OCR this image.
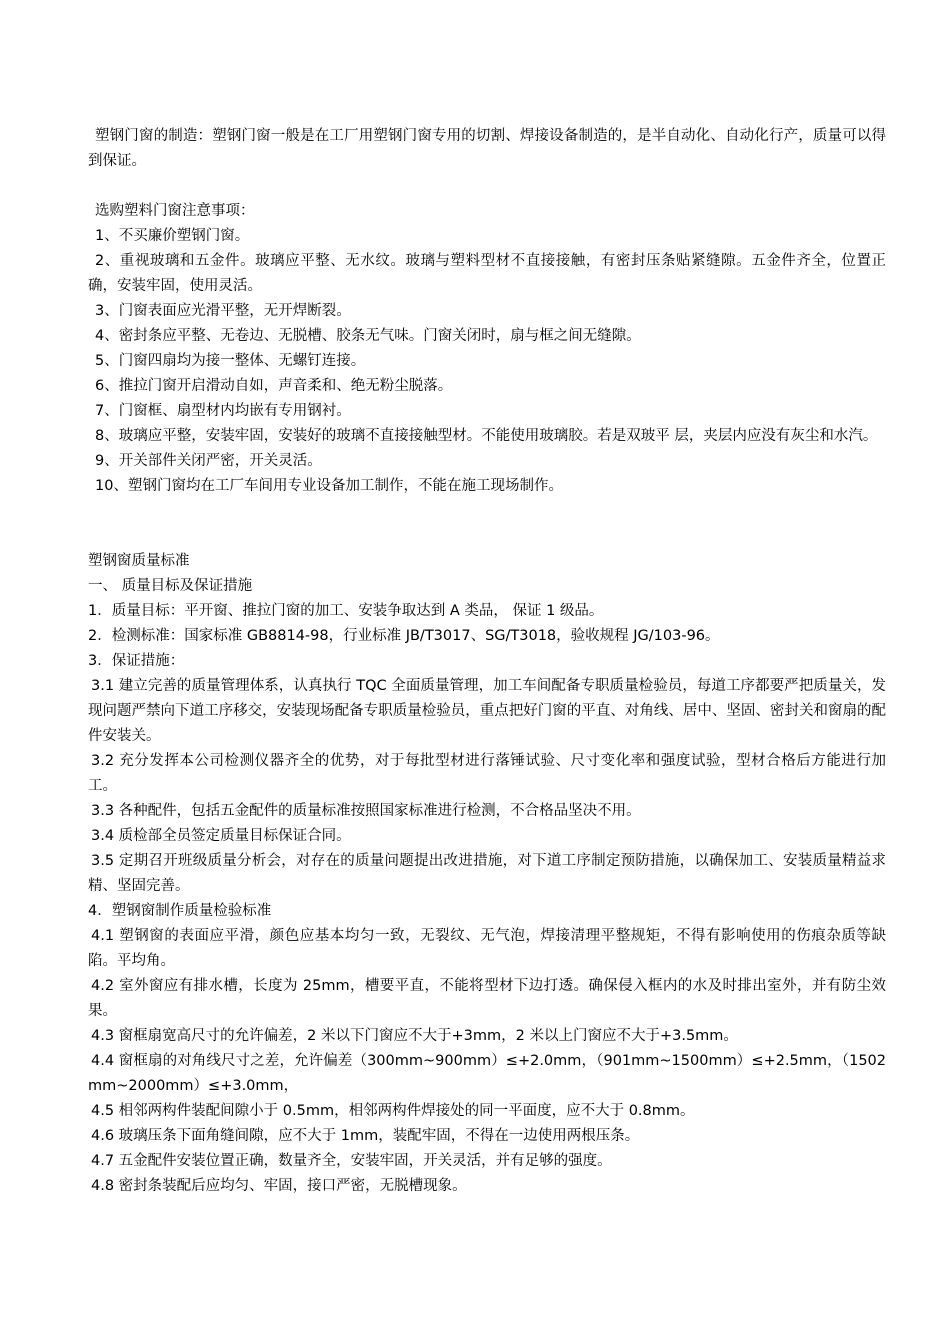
塑钢门窗的制造：塑钢门窗一般是在工厂用塑钢门窗专用的切割、焊接设备制造的，是半自动化、自动化行产，质量可以得到保证。

选购塑料门窗注意事项：

1、不买廉价塑钢门窗。

2、重视玻璃和五金件。玻璃应平整、无水纹。玻璃与塑料型材不直接接触，有密封压条贴紧缝隙。五金件齐全，位置正确，安装牢固，使用灵活。

3、门窗表面应光滑平整，无开焊断裂。

4、密封条应平整、无卷边、无脱槽、胶条无气味。门窗关闭时，扇与框之间无缝隙。

5、门窗四扇均为接一整体、无螺钉连接。

6、推拉门窗开启滑动自如，声音柔和、绝无粉尘脱落。

7、门窗框、扇型材内均嵌有专用钢衬。

8、玻璃应平整，安装牢固，安装好的玻璃不直接接触型材。不能使用玻璃胶。若是双玻平 层，夹层内应没有灰尘和水汽。

9、开关部件关闭严密，开关灵活。

10、塑钢门窗均在工厂车间用专业设备加工制作，不能在施工现场制作。

塑钢窗质量标准

一、 质量目标及保证措施

1．质量目标：平开窗、推拉门窗的加工、安装争取达到 A 类品， 保证 1 级品。

2．检测标准：国家标准 GB8814-98，行业标准 JB/T3017、SG/T3018，验收规程 JG/103-96。

3．保证措施：

3.1 建立完善的质量管理体系，认真执行 TQC 全面质量管理，加工车间配备专职质量检验员，每道工序都要严把质量关，发现问题严禁向下道工序移交，安装现场配备专职质量检验员，重点把好门窗的平直、对角线、居中、坚固、密封关和窗扇的配件安装关。

3.2 充分发挥本公司检测仪器齐全的优势，对于每批型材进行落锤试验、尺寸变化率和强度试验，型材合格后方能进行加工。

3.3 各种配件，包括五金配件的质量标准按照国家标准进行检测，不合格品坚决不用。

3.4 质检部全员签定质量目标保证合同。

3.5 定期召开班级质量分析会，对存在的质量问题提出改进措施，对下道工序制定预防措施，以确保加工、安装质量精益求精、坚固完善。

4．塑钢窗制作质量检验标准

4.1 塑钢窗的表面应平滑，颜色应基本均匀一致，无裂纹、无气泡，焊接清理平整规矩，不得有影响使用的伤痕杂质等缺陷。平均角。

4.2 室外窗应有排水槽，长度为 25mm，槽要平直，不能将型材下边打透。确保侵入框内的水及时排出室外，并有防尘效果。

4.3 窗框扇宽高尺寸的允许偏差，2 米以下门窗应不大于+3mm，2 米以上门窗应不大于+3.5mm。

4.4 窗框扇的对角线尺寸之差，允许偏差（300mm~900mm）≤+2.0mm，（901mm~1500mm）≤+2.5mm，（1502mm~2000mm）≤+3.0mm，

4.5 相邻两构件装配间隙小于 0.5mm，相邻两构件焊接处的同一平面度，应不大于 0.8mm。

4.6 玻璃压条下面角缝间隙，应不大于 1mm，装配牢固，不得在一边使用两根压条。

4.7 五金配件安装位置正确，数量齐全，安装牢固，开关灵活，并有足够的强度。

4.8 密封条装配后应均匀、牢固，接口严密，无脱槽现象。
